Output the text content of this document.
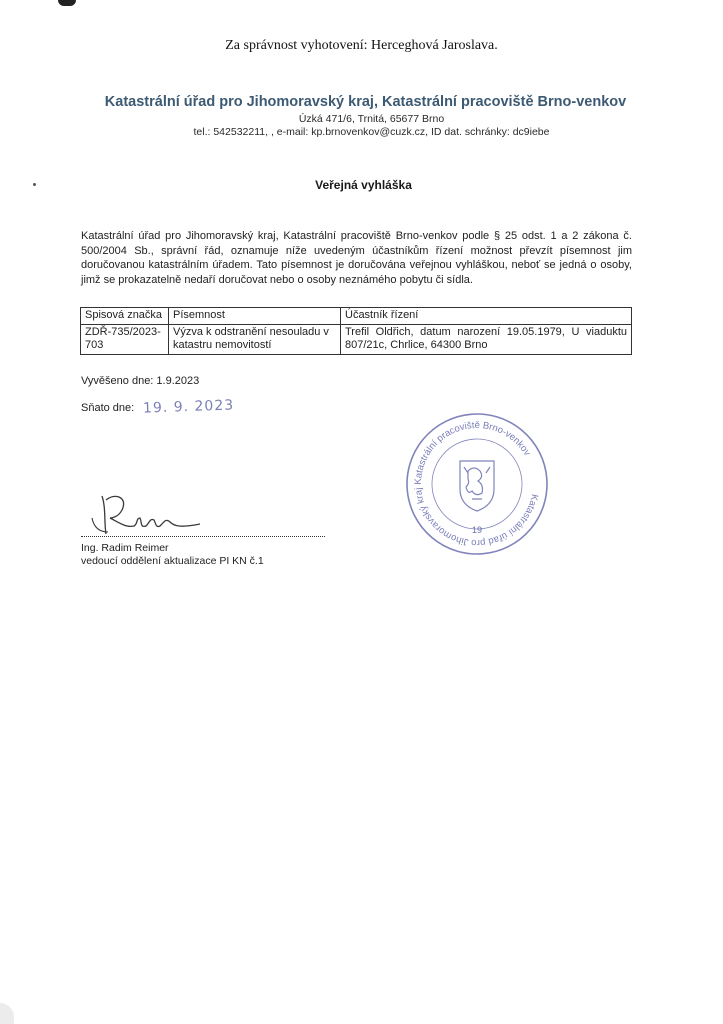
Za správnost vyhotovení: Herceghová Jaroslava.
Katastrální úřad pro Jihomoravský kraj, Katastrální pracoviště Brno-venkov
Úzká 471/6, Trnitá, 65677 Brno
tel.: 542532211, , e-mail: kp.brnovenkov@cuzk.cz, ID dat. schránky: dc9iebe
Veřejná vyhláška
Katastrální úřad pro Jihomoravský kraj, Katastrální pracoviště Brno-venkov podle § 25 odst. 1 a 2 zákona č. 500/2004 Sb., správní řád, oznamuje níže uvedeným účastníkům řízení možnost převzít písemnost jim doručovanou katastrálním úřadem. Tato písemnost je doručována veřejnou vyhláškou, neboť se jedná o osoby, jimž se prokazatelně nedaří doručovat nebo o osoby neznámého pobytu či sídla.
Spisová značka	Písemnost	Účastník řízení
ZDŘ-735/2023-703	Výzva k odstranění nesouladu v katastru nemovitostí	Trefil Oldřich, datum narození 19.05.1979, U viaduktu 807/21c, Chrlice, 64300 Brno
Vyvěšeno dne: 1.9.2023
Sňato dne: 19. 9. 2023
Katastrální úřad pro Jihomoravský kraj Katastrální pracoviště Brno-venkov
19
Ing. Radim Reimer
vedoucí oddělení aktualizace PI KN č.1
